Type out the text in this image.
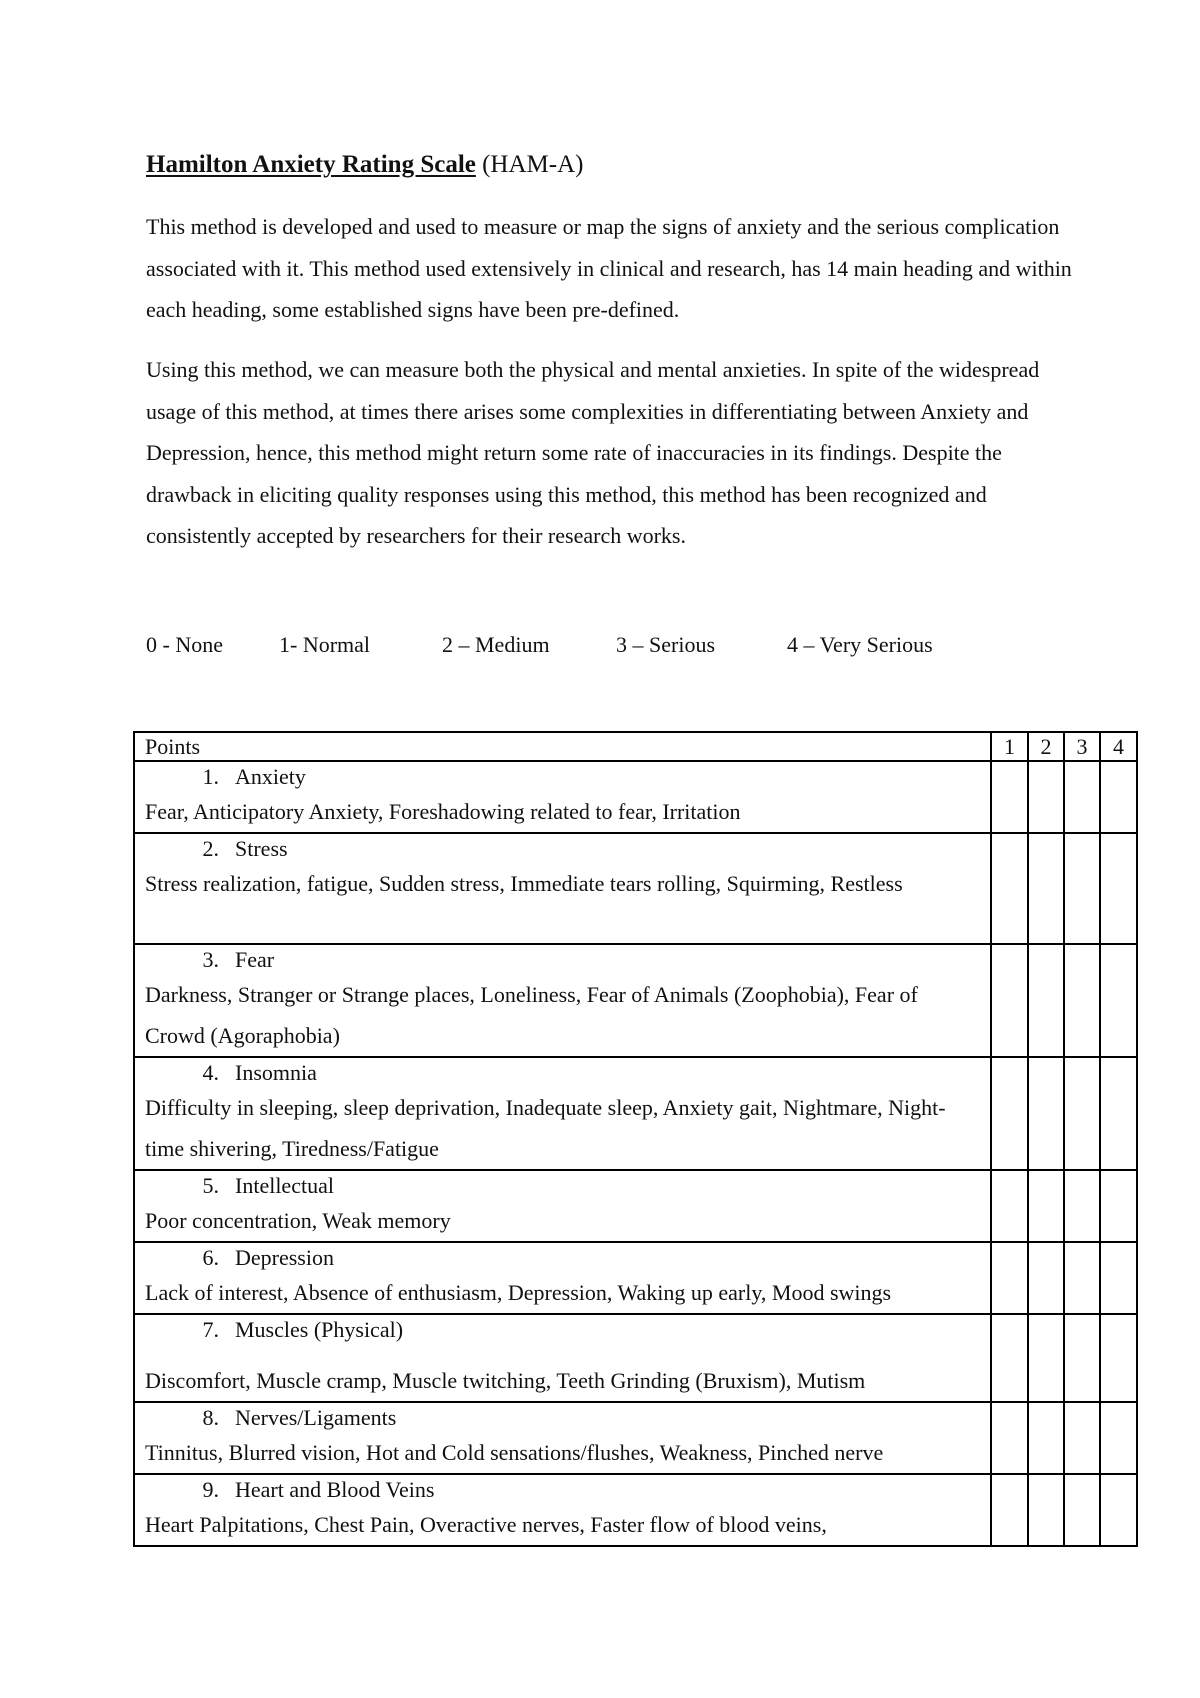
Hamilton Anxiety Rating Scale (HAM-A)

This method is developed and used to measure or map the signs of anxiety and the serious complication associated with it. This method used extensively in clinical and research, has 14 main heading and within each heading, some established signs have been pre-defined.

Using this method, we can measure both the physical and mental anxieties. In spite of the widespread usage of this method, at times there arises some complexities in differentiating between Anxiety and Depression, hence, this method might return some rate of inaccuracies in its findings. Despite the drawback in eliciting quality responses using this method, this method has been recognized and consistently accepted by researchers for their research works.

0 - None	1- Normal	2 – Medium	3 – Serious	4 – Very Serious
Points	1	2	3	4

1. Anxiety
Fear, Anticipatory Anxiety, Foreshadowing related to fear, Irritation				

2. Stress
Stress realization, fatigue, Sudden stress, Immediate tears rolling, Squirming, Restless				

3. Fear
Darkness, Stranger or Strange places, Loneliness, Fear of Animals (Zoophobia), Fear of Crowd (Agoraphobia)				

4. Insomnia
Difficulty in sleeping, sleep deprivation, Inadequate sleep, Anxiety gait, Nightmare, Night-time shivering, Tiredness/Fatigue				

5. Intellectual
Poor concentration, Weak memory				

6. Depression
Lack of interest, Absence of enthusiasm, Depression, Waking up early, Mood swings				

7. Muscles (Physical)
Discomfort, Muscle cramp, Muscle twitching, Teeth Grinding (Bruxism), Mutism				

8. Nerves/Ligaments
Tinnitus, Blurred vision, Hot and Cold sensations/flushes, Weakness, Pinched nerve				

9. Heart and Blood Veins
Heart Palpitations, Chest Pain, Overactive nerves, Faster flow of blood veins,				
